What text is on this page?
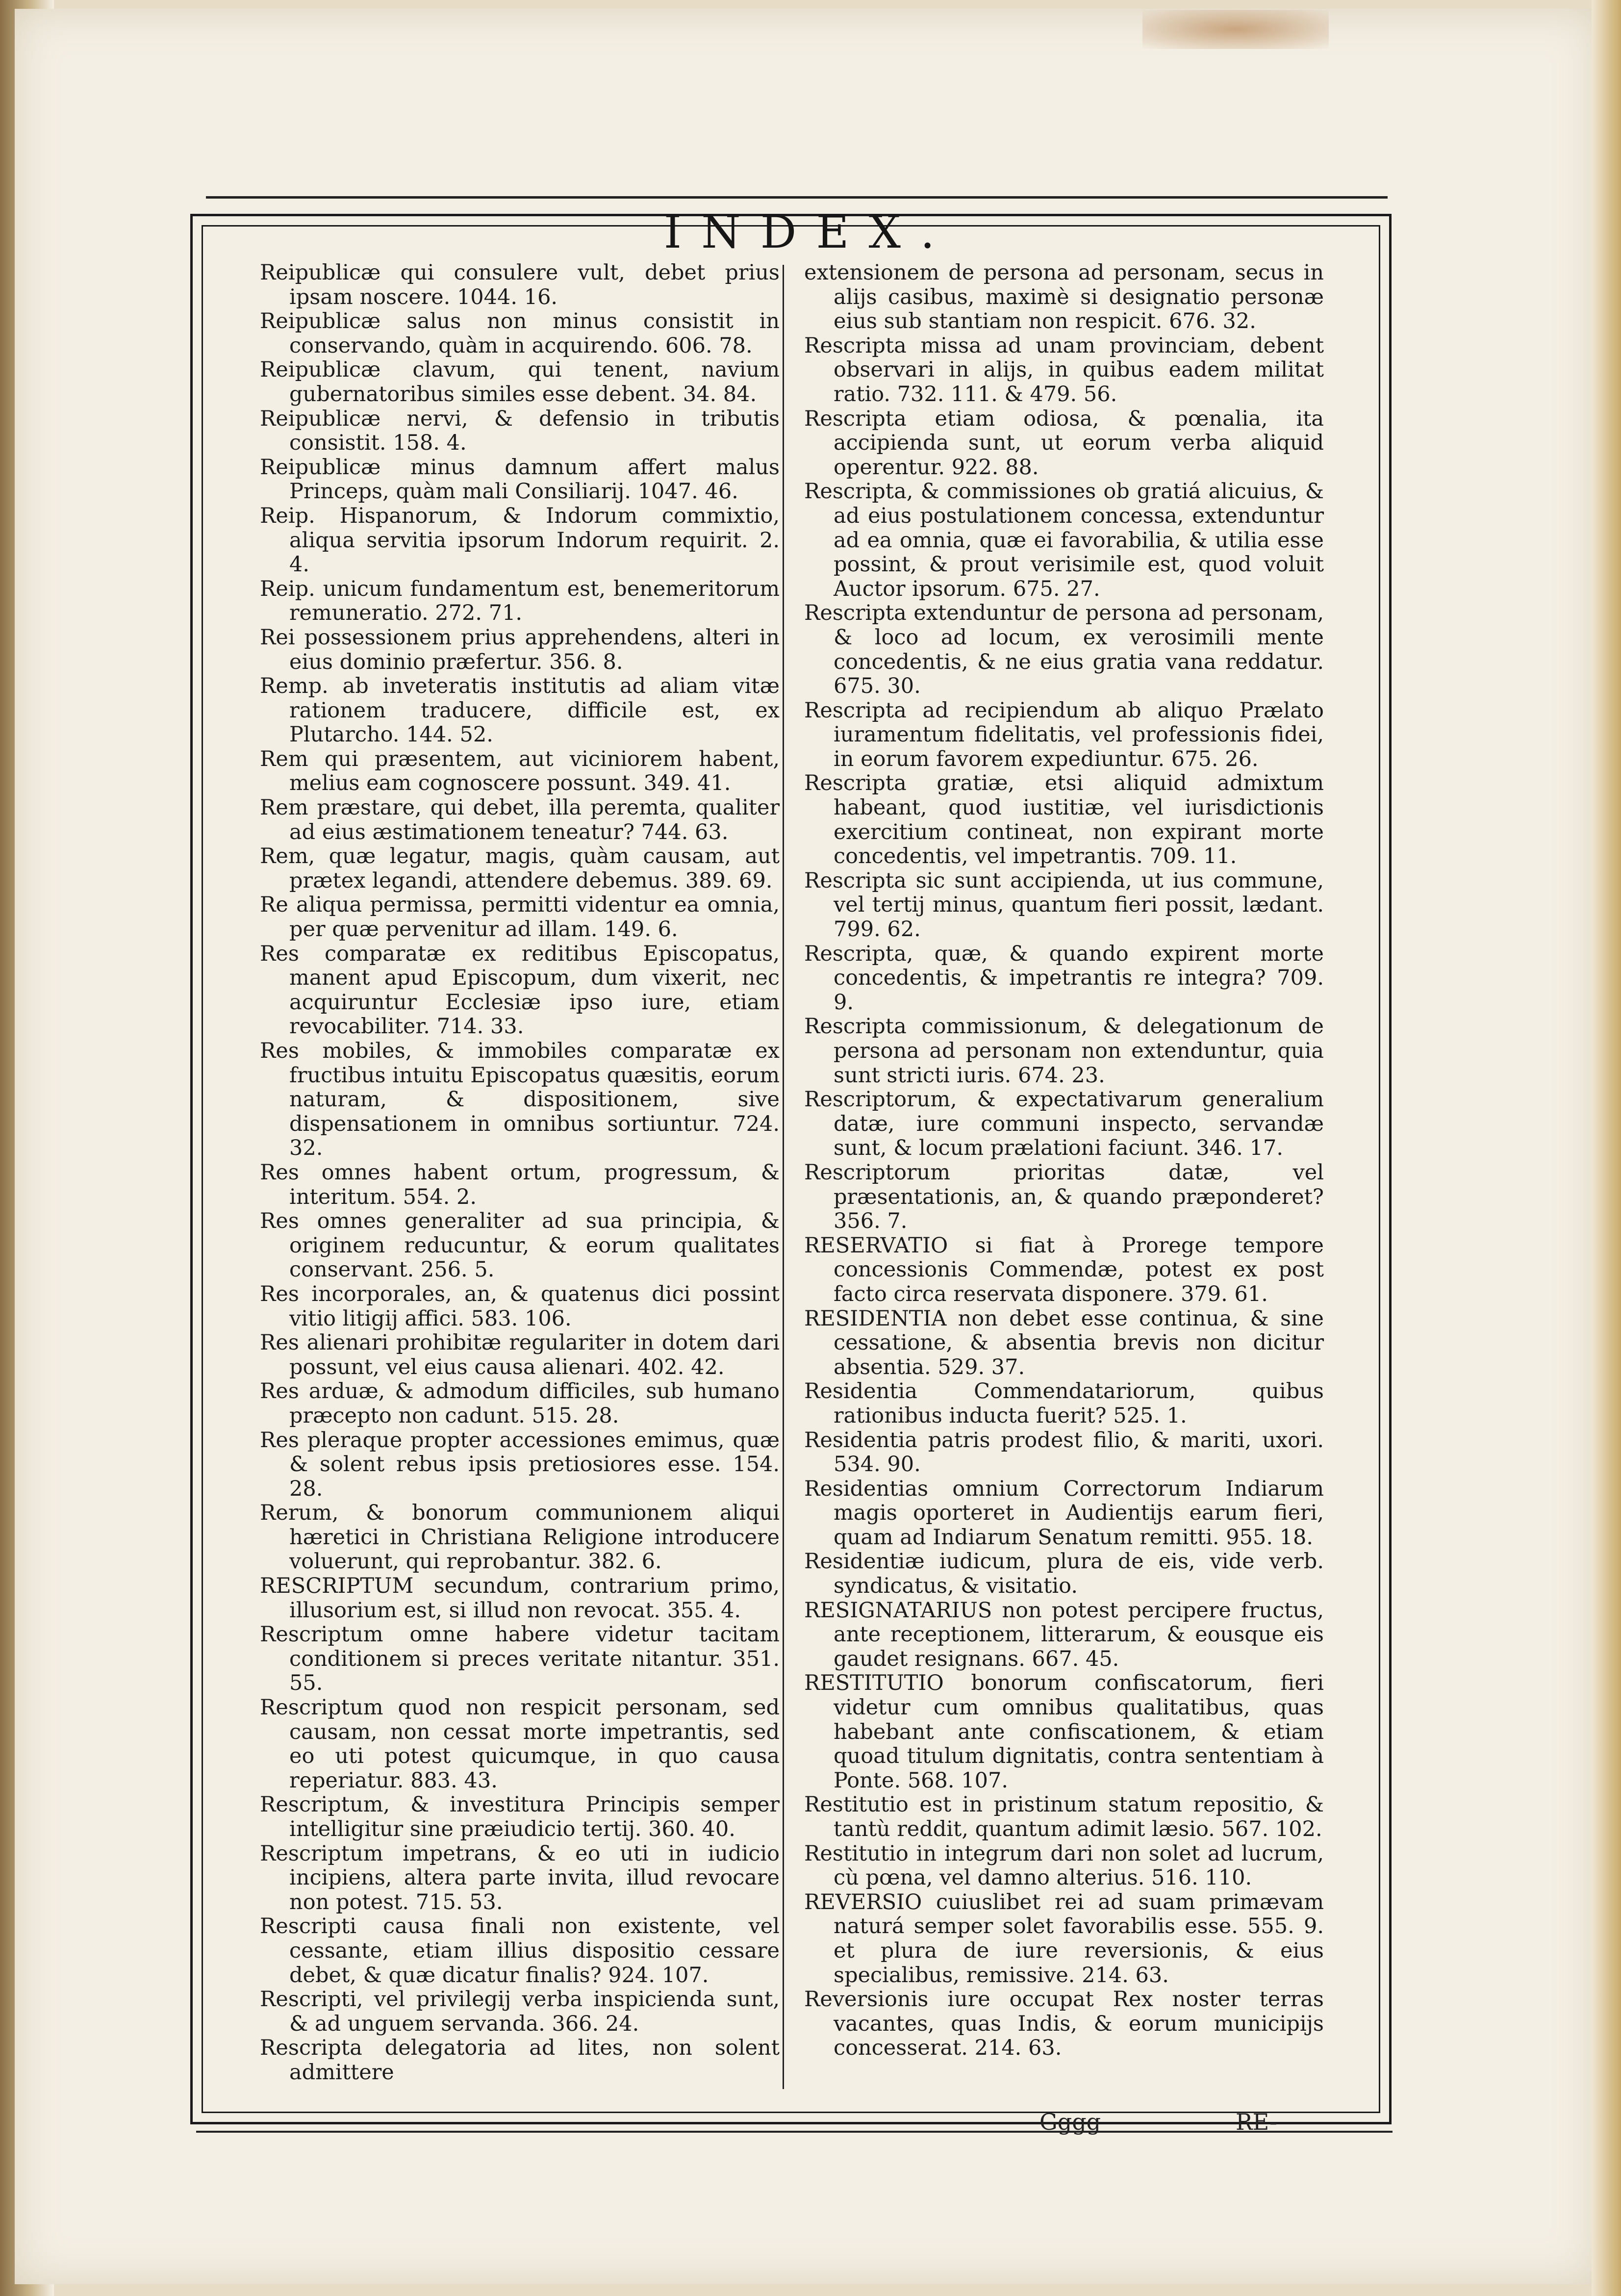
INDEX.

Reipublicæ qui consulere vult, debet prius ipsam noscere. 1044. 16.

Reipublicæ salus non minus consistit in conservando, quàm in acquirendo. 606. 78.

Reipublicæ clavum, qui tenent, navium gubernatoribus similes esse debent. 34. 84.

Reipublicæ nervi, & defensio in tributis consistit. 158. 4.

Reipublicæ minus damnum affert malus Princeps, quàm mali Consiliarij. 1047. 46.

Reip. Hispanorum, & Indorum commixtio, aliqua servitia ipsorum Indorum requirit. 2. 4.

Reip. unicum fundamentum est, benemeritorum remuneratio. 272. 71.

Rei possessionem prius apprehendens, alteri in eius dominio præfertur. 356. 8.

Remp. ab inveteratis institutis ad aliam vitæ rationem traducere, difficile est, ex Plutarcho. 144. 52.

Rem qui præsentem, aut viciniorem habent, melius eam cognoscere possunt. 349. 41.

Rem præstare, qui debet, illa peremta, qualiter ad eius æstimationem teneatur? 744. 63.

Rem, quæ legatur, magis, quàm causam, aut prætex legandi, attendere debemus. 389. 69.

Re aliqua permissa, permitti videntur ea omnia, per quæ pervenitur ad illam. 149. 6.

Res comparatæ ex reditibus Episcopatus, manent apud Episcopum, dum vixerit, nec acquiruntur Ecclesiæ ipso iure, etiam revocabiliter. 714. 33.

Res mobiles, & immobiles comparatæ ex fructibus intuitu Episcopatus quæsitis, eorum naturam, & dispositionem, sive dispensationem in omnibus sortiuntur. 724. 32.

Res omnes habent ortum, progressum, & interitum. 554. 2.

Res omnes generaliter ad sua principia, & originem reducuntur, & eorum qualitates conservant. 256. 5.

Res incorporales, an, & quatenus dici possint vitio litigij affici. 583. 106.

Res alienari prohibitæ regulariter in dotem dari possunt, vel eius causa alienari. 402. 42.

Res arduæ, & admodum difficiles, sub humano præcepto non cadunt. 515. 28.

Res pleraque propter accessiones emimus, quæ & solent rebus ipsis pretiosiores esse. 154. 28.

Rerum, & bonorum communionem aliqui hæretici in Christiana Religione introducere voluerunt, qui reprobantur. 382. 6.

RESCRIPTUM secundum, contrarium primo, illusorium est, si illud non revocat. 355. 4.

Rescriptum omne habere videtur tacitam conditionem si preces veritate nitantur. 351. 55.

Rescriptum quod non respicit personam, sed causam, non cessat morte impetrantis, sed eo uti potest quicumque, in quo causa reperiatur. 883. 43.

Rescriptum, & investitura Principis semper intelligitur sine præiudicio tertij. 360. 40.

Rescriptum impetrans, & eo uti in iudicio incipiens, altera parte invita, illud revocare non potest. 715. 53.

Rescripti causa finali non existente, vel cessante, etiam illius dispositio cessare debet, & quæ dicatur finalis? 924. 107.

Rescripti, vel privilegij verba inspicienda sunt, & ad unguem servanda. 366. 24.

Rescripta delegatoria ad lites, non solent admittere

extensionem de persona ad personam, secus in alijs casibus, maximè si designatio personæ eius sub stantiam non respicit. 676. 32.

Rescripta missa ad unam provinciam, debent observari in alijs, in quibus eadem militat ratio. 732. 111. & 479. 56.

Rescripta etiam odiosa, & pœnalia, ita accipienda sunt, ut eorum verba aliquid operentur. 922. 88.

Rescripta, & commissiones ob gratiá alicuius, & ad eius postulationem concessa, extenduntur ad ea omnia, quæ ei favorabilia, & utilia esse possint, & prout verisimile est, quod voluit Auctor ipsorum. 675. 27.

Rescripta extenduntur de persona ad personam, & loco ad locum, ex verosimili mente concedentis, & ne eius gratia vana reddatur. 675. 30.

Rescripta ad recipiendum ab aliquo Prælato iuramentum fidelitatis, vel professionis fidei, in eorum favorem expediuntur. 675. 26.

Rescripta gratiæ, etsi aliquid admixtum habeant, quod iustitiæ, vel iurisdictionis exercitium contineat, non expirant morte concedentis, vel impetrantis. 709. 11.

Rescripta sic sunt accipienda, ut ius commune, vel tertij minus, quantum fieri possit, lædant. 799. 62.

Rescripta, quæ, & quando expirent morte concedentis, & impetrantis re integra? 709. 9.

Rescripta commissionum, & delegationum de persona ad personam non extenduntur, quia sunt stricti iuris. 674. 23.

Rescriptorum, & expectativarum generalium datæ, iure communi inspecto, servandæ sunt, & locum prælationi faciunt. 346. 17.

Rescriptorum prioritas datæ, vel præsentationis, an, & quando præponderet? 356. 7.

RESERVATIO si fiat à Prorege tempore concessionis Commendæ, potest ex post facto circa reservata disponere. 379. 61.

RESIDENTIA non debet esse continua, & sine cessatione, & absentia brevis non dicitur absentia. 529. 37.

Residentia Commendatariorum, quibus rationibus inducta fuerit? 525. 1.

Residentia patris prodest filio, & mariti, uxori. 534. 90.

Residentias omnium Correctorum Indiarum magis oporteret in Audientijs earum fieri, quam ad Indiarum Senatum remitti. 955. 18.

Residentiæ iudicum, plura de eis, vide verb. syndicatus, & visitatio.

RESIGNATARIUS non potest percipere fructus, ante receptionem, litterarum, & eousque eis gaudet resignans. 667. 45.

RESTITUTIO bonorum confiscatorum, fieri videtur cum omnibus qualitatibus, quas habebant ante confiscationem, & etiam quoad titulum dignitatis, contra sententiam à Ponte. 568. 107.

Restitutio est in pristinum statum repositio, & tantù reddit, quantum adimit læsio. 567. 102.

Restitutio in integrum dari non solet ad lucrum, cù pœna, vel damno alterius. 516. 110.

REVERSIO cuiuslibet rei ad suam primævam naturá semper solet favorabilis esse. 555. 9. et plura de iure reversionis, & eius specialibus, remissive. 214. 63.

Reversionis iure occupat Rex noster terras vacantes, quas Indis, & eorum municipijs concesserat. 214. 63.

Gggg	RE-
